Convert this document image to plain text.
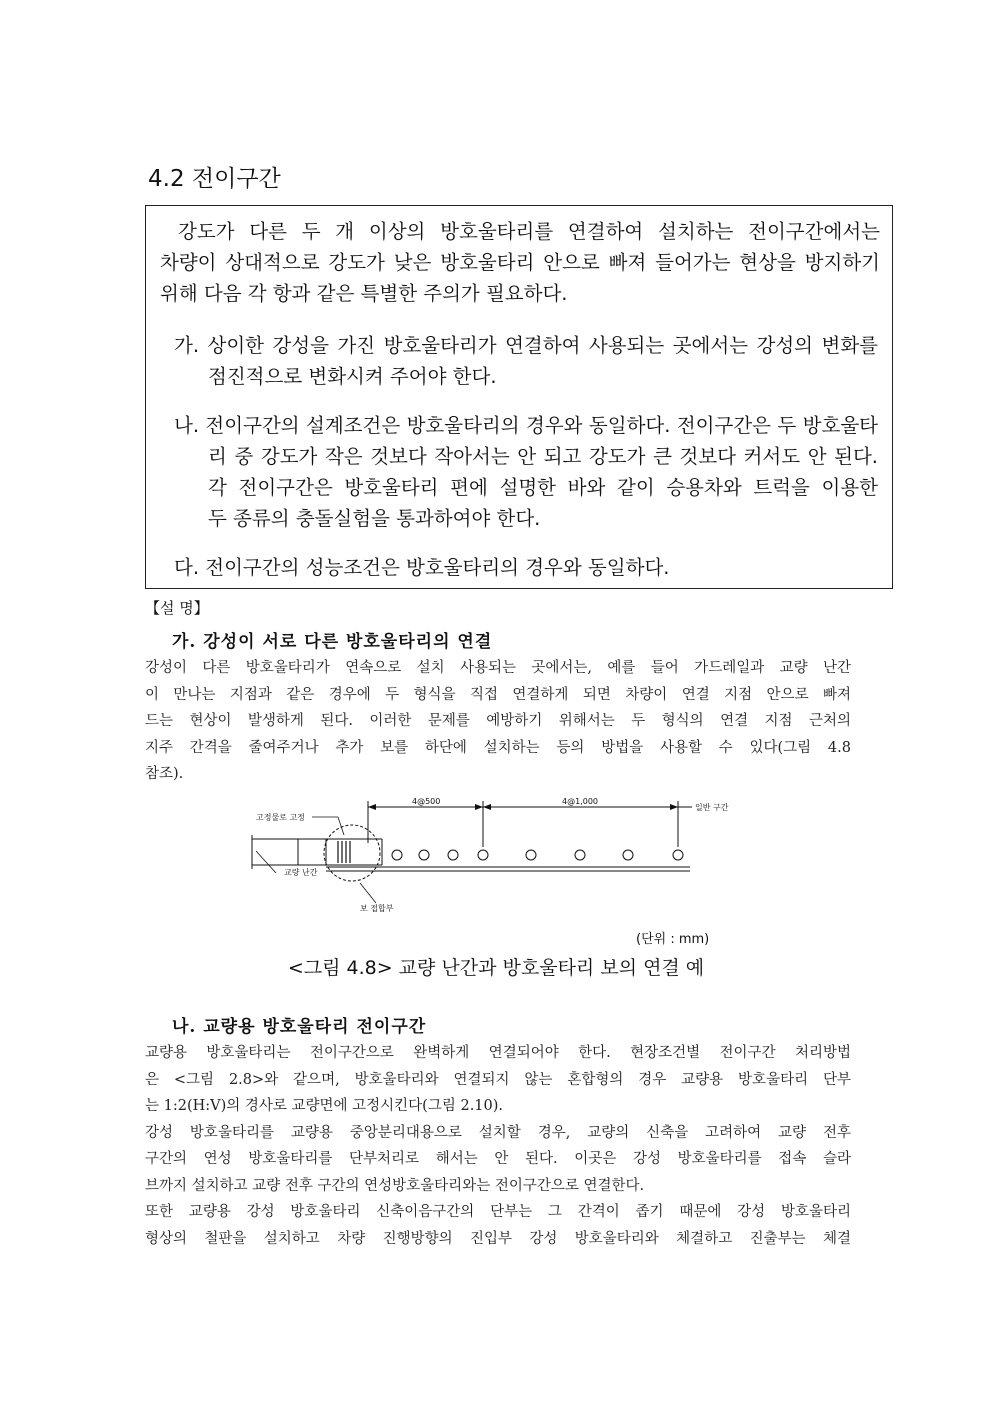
4.2 전이구간
강도가 다른 두 개 이상의 방호울타리를 연결하여 설치하는 전이구간에서는
차량이 상대적으로 강도가 낮은 방호울타리 안으로 빠져 들어가는 현상을 방지하기
위해 다음 각 항과 같은 특별한 주의가 필요하다.
가. 상이한 강성을 가진 방호울타리가 연결하여 사용되는 곳에서는 강성의 변화를
점진적으로 변화시켜 주어야 한다.
나. 전이구간의 설계조건은 방호울타리의 경우와 동일하다. 전이구간은 두 방호울타
리 중 강도가 작은 것보다 작아서는 안 되고 강도가 큰 것보다 커서도 안 된다.
각 전이구간은 방호울타리 편에 설명한 바와 같이 승용차와 트럭을 이용한
두 종류의 충돌실험을 통과하여야 한다.
다. 전이구간의 성능조건은 방호울타리의 경우와 동일하다.
【설 명】
가. 강성이 서로 다른 방호울타리의 연결
강성이 다른 방호울타리가 연속으로 설치 사용되는 곳에서는, 예를 들어 가드레일과 교량 난간
이 만나는 지점과 같은 경우에 두 형식을 직접 연결하게 되면 차량이 연결 지점 안으로 빠져
드는 현상이 발생하게 된다. 이러한 문제를 예방하기 위해서는 두 형식의 연결 지점 근처의
지주 간격을 줄여주거나 추가 보를 하단에 설치하는 등의 방법을 사용할 수 있다(그림 4.8
참조).
4@500	4@1,000
일반 구간
고정물로 고정
교량 난간
보 접합부
(단위 : mm)
<그림 4.8> 교량 난간과 방호울타리 보의 연결 예
나. 교량용 방호울타리 전이구간
교량용 방호울타리는 전이구간으로 완벽하게 연결되어야 한다. 현장조건별 전이구간 처리방법
은 <그림 2.8>와 같으며, 방호울타리와 연결되지 않는 혼합형의 경우 교량용 방호울타리 단부
는 1:2(H:V)의 경사로 교량면에 고정시킨다(그림 2.10).
강성 방호울타리를 교량용 중앙분리대용으로 설치할 경우, 교량의 신축을 고려하여 교량 전후
구간의 연성 방호울타리를 단부처리로 해서는 안 된다. 이곳은 강성 방호울타리를 접속 슬라
브까지 설치하고 교량 전후 구간의 연성방호울타리와는 전이구간으로 연결한다.
또한 교량용 강성 방호울타리 신축이음구간의 단부는 그 간격이 좁기 때문에 강성 방호울타리
형상의 철판을 설치하고 차량 진행방향의 진입부 강성 방호울타리와 체결하고 진출부는 체결
